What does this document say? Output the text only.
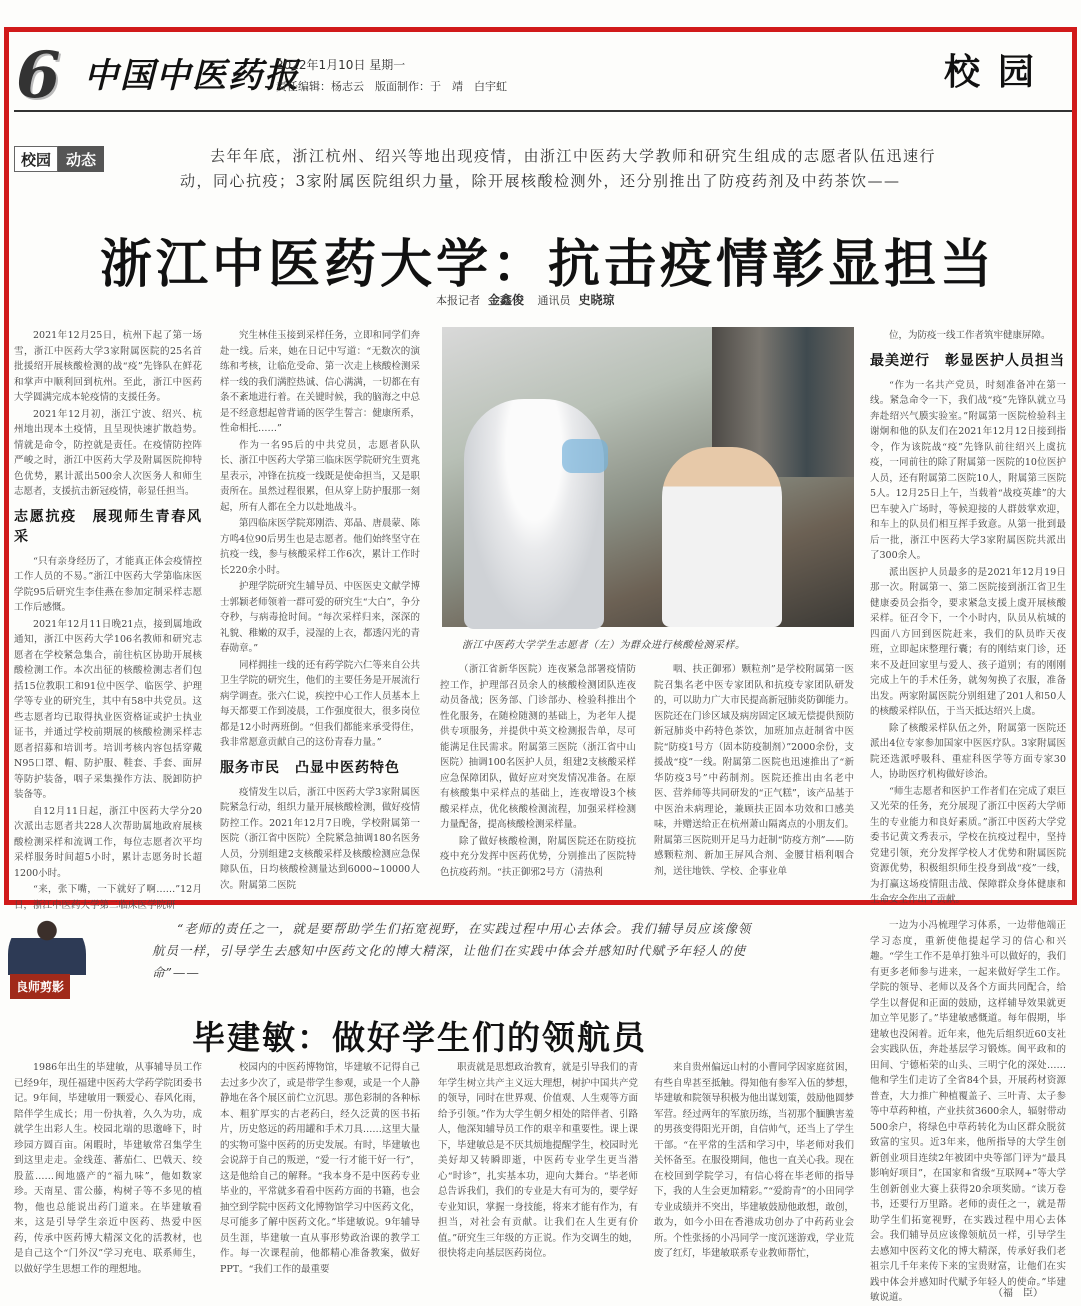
6 中国中医药报
2022年1月10日 星期一
责任编辑：杨志云　版面制作：于　靖　白宇虹	校园
校园	动态	去年年底，浙江杭州、绍兴等地出现疫情，由浙江中医药大学教师和研究生组成的志愿者队伍迅速行动，同心抗疫；3家附属医院组织力量，除开展核酸检测外，还分别推出了防疫药剂及中药茶饮——

浙江中医药大学：抗击疫情彰显担当
本报记者 金鑫俊 通讯员 史晓琼

2021年12月25日，杭州下起了第一场雪，浙江中医药大学3家附属医院的25名首批援绍开展核酸检测的战“疫”先锋队在鲜花和掌声中顺利回到杭州。至此，浙江中医药大学圆满完成本轮疫情的支援任务。

2021年12月初，浙江宁波、绍兴、杭州地出现本土疫情，且呈现快速扩散趋势。情就是命令，防控就是责任。在疫情防控阵严峻之时，浙江中医药大学及附属医院抑特色优势，累计派出500余人次医务人和师生志愿者，支援抗击新冠疫情，彰显任担当。

志愿抗疫　展现师生青春风采

“只有亲身经历了，才能真正体会疫情控工作人员的不易。”浙江中医药大学第临床医学院95后研究生李佳燕在参加定制采样志愿工作后感慨。

2021年12月11日晚21点，接到属地政通知，浙江中医药大学106名教师和研究志愿者在学校紧急集合，前往杭区协助开展核酸检测工作。本次出征的核酸检测志者们包括15位教职工和91位中医学、临医学、护理学等专业的研究生，其中有58中共党员。这些志愿者均已取得执业医资格证或护士执业证书，并通过学校前期展的核酸检测采样志愿者招募和培训考。培训考核内容包括穿戴N95口罩、帽、防护服、鞋套、手套、面屏等防护装备，咽子采集操作方法、脱卸防护装备等。

自12月11日起，浙江中医药大学分20次派出志愿者共228人次帮助属地政府展核酸检测采样和流调工作，每位志愿者次平均采样服务时间超5小时，累计志愿务时长超1200小时。

“来，张下嘴，一下就好了啊……”12月日，浙江中医药大学第二临床医学院研

究生林佳玉接到采样任务，立即和同学们奔赴一线。后来，她在日记中写道：“无数次的演练和考核，让临危受命、第一次走上核酸检测采样一线的我们满腔热诚、信心满满，一切都在有条不紊地进行着。在关键时候，我的脑海之中总是不经意想起曾背诵的医学生誓言：健康所系，性命相托……”

作为一名95后的中共党员，志愿者队队长、浙江中医药大学第三临床医学院研究生贾兆星表示，冲锋在抗疫一线既是使命担当，又是职责所在。虽然过程很累，但从穿上防护服那一刻起，所有人都在全力以赴地战斗。

第四临床医学院郑刚浩、郑晶、唐晨蒙、陈方鸣4位90后男生也是志愿者。他们始终坚守在抗疫一线，参与核酸采样工作6次，累计工作时长220余小时。

护理学院研究生辅导员、中医医史文献学博士郭颖老师领着一群可爱的研究生“大白”，争分夺秒，与病毒抢时间。“每次采样归来，深深的礼貌、稚嫩的双手，浸湿的上衣，都透闪光的青春勋章。”

同样拥挂一线的还有药学院六仁等来自公共卫生学院的研究生，他们的主要任务是开展流行病学调查。张六仁说，疾控中心工作人员基本上每天都要工作到凌晨，工作强度很大，很多岗位都是12小时两班倒。“但我们都能来承受得住，我非常愿意贡献自己的这份青春力量。”

服务市民　凸显中医药特色

疫情发生以后，浙江中医药大学3家附属医院紧急行动，组织力量开展核酸检测，做好疫情防控工作。2021年12月7日晚，学校附属第一医院（浙江省中医院）全院紧急抽调180名医务人员，分别组建2支核酸采样及核酸检测应急保障队伍，日均核酸检测量达到6000~10000人次。附属第二医院

浙江中医药大学学生志愿者（左）为群众进行核酸检测采样。

（浙江省新华医院）连夜紧急部署疫情防控工作，护理部召员余人的核酸检测团队连夜动员备战；医务部、门诊部办、检验科推出个性化服务，在随检随测的基础上，为老年人提供专项服务，并提供中英文检测报告单，尽可能满足住民需求。附属第三医院（浙江省中山医院）抽调100名医护人员，组建2支核酸采样应急保障团队，做好应对突发情况准备。在原有核酸集中采样点的基础上，连夜增设3个核酸采样点，优化核酸检测流程，加强采样检测力量配备，提高核酸检测采样量。

除了做好核酸检测，附属医院还在防疫抗疫中充分发挥中医药优势，分别推出了医院特色抗疫药剂。“扶正御邪2号方（清热利

咽、扶正御邪）颗粒剂”是学校附属第一医院召集名老中医专家团队和抗疫专家团队研发的，可以助力广大市民提高新冠肺炎防御能力。医院还在门诊区域及病房固定区域无偿提供预防新冠肺炎中药特色茶饮，加班加点赶制省中医院“防疫1号方（固本防疫制剂）”2000余份，支援战“疫”一线。附属第二医院也迅速推出了“新华防疫3号”中药制剂。医院还推出由名老中医、营养师等共同研发的“正气糕”，该产品基于中医治未病理论，兼顾扶正固本功效和口感美味，并赠送给正在杭州萧山隔离点的小朋友们。附属第三医院则开足马力赶制“防疫方剂”——防感颗粒剂、新加王屏风合剂、金腰甘梧利咽合剂，送往地铁、学校、企事业单

位，为防疫一线工作者筑牢健康屏障。

最美逆行　彰显医护人员担当

“作为一名共产党员，时刻准备冲在第一线。紧急命令一下，我们战“疫”先锋队就立马奔赴绍兴气膜实验室。”附属第一医院检验科主谢炯和他的队友们在2021年12月12日接到指令，作为该院战“疫”先锋队前往绍兴上虞抗疫，一同前往的除了附属第一医院的10位医护人员，还有附属第二医院10人，附属第三医院5人。12月25日上午，当载着“战疫英雄”的大巴车驶入广场时，等候迎接的人群鼓掌欢迎，和车上的队员们相互挥手致意。从第一批到最后一批，浙江中医药大学3家附属医院共派出了300余人。

派出医护人员最多的是2021年12月19日那一次。附属第一、第二医院接到浙江省卫生健康委员会指令，要求紧急支援上虞开展核酸采样。征召令下，一个小时内，队员从杭城的四面八方回到医院赶来，我们的队员昨天夜班，立即起床整理行囊；有的刚结束门诊，还来不及赶回家里与爱人、孩子道别；有的刚刚完成上午的手术任务，就匆匆换了衣服，准备出发。两家附属医院分别组建了201人和50人的核酸采样队伍，于当天抵达绍兴上虞。

除了核酸采样队伍之外，附属第一医院还派出4位专家参加国家中医医疗队。3家附属医院还选派呼吸科、重症科医学等方面专家30人，协助医疗机构做好诊治。

“师生志愿者和医护工作者们在完成了艰巨又光荣的任务，充分展现了浙江中医药大学师生的专业能力和良好素质。”浙江中医药大学党委书记黄文秀表示，学校在抗疫过程中，坚持党建引领，充分发挥学校人才优势和附属医院资源优势，积极组织师生投身到战“疫”一线，为打赢这场疫情阻击战、保障群众身体健康和生命安全作出了贡献。

良师剪影

“老师的责任之一，就是要帮助学生们拓宽视野，在实践过程中用心去体会。我们辅导员应该像领航员一样，引导学生去感知中医药文化的博大精深，让他们在实践中体会并感知时代赋予年轻人的使命”——

毕建敏：做好学生们的领航员

1986年出生的毕建敏，从事辅导员工作已经9年，现任福建中医药大学药学院团委书记。9年间，毕建敏用一颗爱心、春风化雨，陪伴学生成长；用一份执着，久久为功，成就学生出彩人生。校园北端的思邈峰下，时珍园方圆百亩。闲暇时，毕建敏常召集学生到这里走走。金线莲、蕃茄仁、巴戟天、绞股蓝……闽地盛产的“福九味”，他如数家珍。天南星、雷公藤，构树子等不多见的植物，他也总能说出药门道来。在毕建敏看来，这是引导学生亲近中医药、热爱中医药，传承中医药博大精深文化的活教材，也是自己这个“门外汉”学习充电、联系师生，以做好学生思想工作的理想地。

校园内的中医药博物馆，毕建敏不记得自己去过多少次了，或是带学生参观，或是一个人静静地在各个展区前伫立沉思。那色彩制的各种标本、粗犷厚实的古老药臼，经久泛黄的医书拓片，历史悠远的药用罐和手术刀具……这里大量的实物可鉴中医药的历史发展。有时，毕建敏也会说辞于自己的叛逆，“爱一行才能干好一行”，这是他给自己的解释。“我本身不是中医药专业毕业的，平常就多看看中医药方面的书籍，也会抽空到学院中医药文化博物馆学习中医药文化，尽可能多了解中医药文化。”毕建敏说。9年辅导员生涯，毕建敏一直从事形势政治课的教学工作。每一次课程前，他都精心准备教案，做好PPT。“我们工作的最重要

职责就是思想政治教育，就是引导我们的青年学生树立共产主义远大理想，树护中国共产党的领导，同时在世界观、价值观、人生观等方面给予引领。”作为大学生朝夕相处的陪伴者、引路人，他深知辅导员工作的艰辛和重要性。课上课下，毕建敏总是不厌其烦地提醒学生，校园时光美好却又转瞬即逝，中医药专业学生更当潜心“时诊”，扎实基本功，迎向大舞台。“毕老师总告诉我们，我们的专业是大有可为的，要学好专业知识，掌握一身技能，将来才能有作为，有担当，对社会有贡献。让我们在人生更有价值。”研究生三年级的方正说。作为交调生的她，很快将走向基层医药岗位。

来自贵州偏远山村的小曹同学因家庭贫困，有些自卑甚至抵触。得知他有参军入伍的梦想，毕建敏和院领导积极为他出谋划策，鼓励他圆梦军营。经过两年的军旅历练，当初那个腼腆害羞的男孩变得阳光开朗，自信帅气，还当上了学生干部。“在平常的生活和学习中，毕老师对我们关怀备至。在服役期间，他也一直关心我。现在在校回到学院学习，有信心将在毕老师的指导下，我的人生会更加精彩。”“爱韵青”的小田同学专业成绩并不突出，毕建敏鼓励他敢想，敢创，敢为，如今小田在香港成功创办了中药药业会所。个性张扬的小冯同学一度沉迷游戏，学业荒废了红灯，毕建敏联系专业教师帮忙，

一边为小冯梳理学习体系，一边带他端正学习态度，重新使他提起学习的信心和兴趣。“学生工作不是单打独斗可以做好的，我们有更多老师参与进来，一起来做好学生工作。学院的领导、老师以及各个方面共同配合，给学生以督促和正面的鼓励，这样辅导效果就更加立竿见影了。”毕建敏感慨道。每年假期，毕建敏也没闲着。近年来，他先后组织近60支社会实践队伍，奔赴基层学习锻炼。闽平政和的田间、宁德柘荣的山头、三明宁化的深处……他和学生们走访了全省84个县，开展药材资源普查，大力推广种植覆盖子、三叶青、太子参等中草药种植，产业扶贫3600余人，辐射带动500余户，将绿色中草药转化为山区群众脱贫致富的宝贝。近3年来，他所指导的大学生创新创业项目连续2年被团中央等部门评为“最具影响好项目”，在国家和省级“互联网+”等大学生创新创业大赛上获得20余项奖励。“读万卷书，还要行万里路。老师的责任之一，就是帮助学生们拓宽视野，在实践过程中用心去体会。我们辅导员应该像领航员一样，引导学生去感知中医药文化的博大精深，传承好我们老祖宗几千年来传下来的宝贵财富，让他们在实践中体会并感知时代赋予年轻人的使命。”毕建敏说道。	（福　臣）
